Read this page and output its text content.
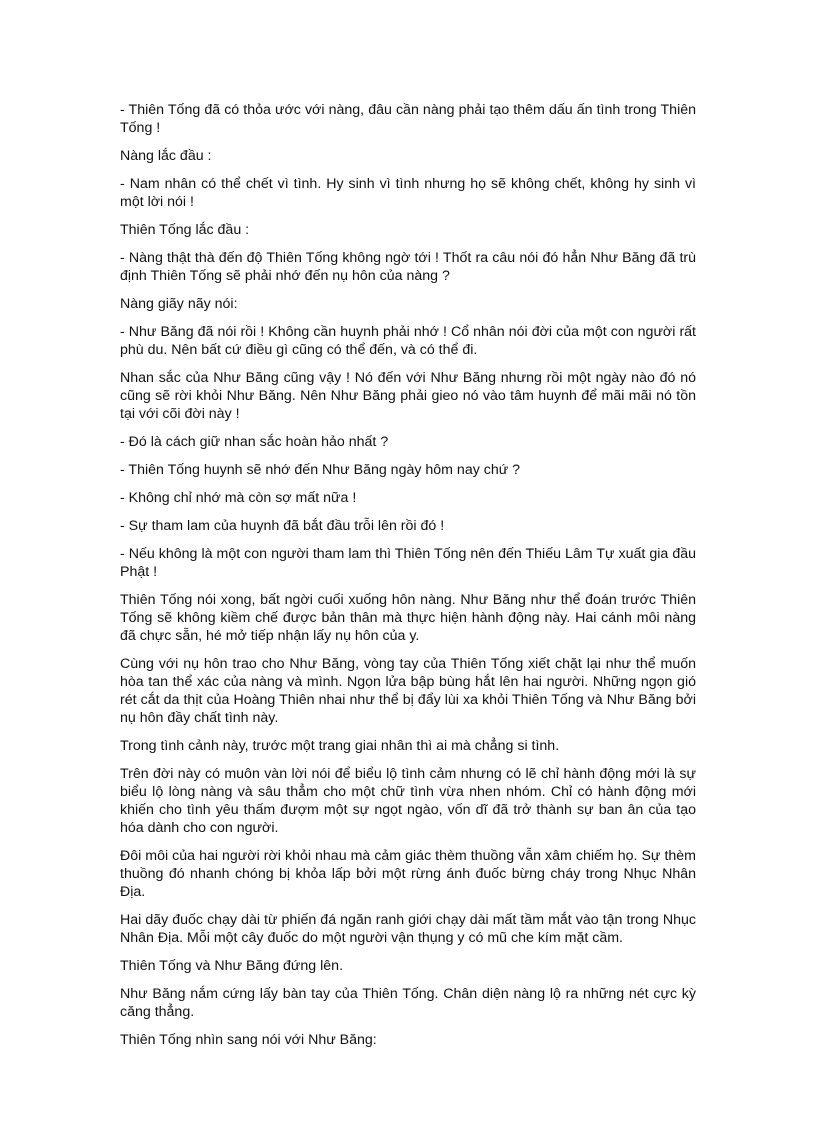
- Thiên Tống đã có thỏa ước với nàng, đâu cần nàng phải tạo thêm dấu ấn tình trong Thiên Tống !

Nàng lắc đầu :

- Nam nhân có thể chết vì tình. Hy sinh vì tình nhưng họ sẽ không chết, không hy sinh vì một lời nói !

Thiên Tống lắc đầu :

- Nàng thật thà đến độ Thiên Tống không ngờ tới ! Thốt ra câu nói đó hẳn Như Băng đã trù định Thiên Tống sẽ phải nhớ đến nụ hôn của nàng ?

Nàng giãy nãy nói:

- Như Băng đã nói rồi ! Không cần huynh phải nhớ ! Cổ nhân nói đời của một con người rất phù du. Nên bất cứ điều gì cũng có thể đến, và có thể đi.

Nhan sắc của Như Băng cũng vậy ! Nó đến với Như Băng nhưng rồi một ngày nào đó nó cũng sẽ rời khỏi Như Băng. Nên Như Băng phải gieo nó vào tâm huynh để mãi mãi nó tồn tại với cõi đời này !

- Đó là cách giữ nhan sắc hoàn hảo nhất ?

- Thiên Tống huynh sẽ nhớ đến Như Băng ngày hôm nay chứ ?

- Không chỉ nhớ mà còn sợ mất nữa !

- Sự tham lam của huynh đã bắt đầu trỗi lên rồi đó !

- Nếu không là một con người tham lam thì Thiên Tống nên đến Thiếu Lâm Tự xuất gia đầu Phật !

Thiên Tống nói xong, bất ngời cuối xuống hôn nàng. Như Băng như thể đoán trước Thiên Tống sẽ không kiềm chế được bản thân mà thực hiện hành động này. Hai cánh môi nàng đã chực sẵn, hé mở tiếp nhận lấy nụ hôn của y.

Cùng với nụ hôn trao cho Như Băng, vòng tay của Thiên Tống xiết chặt lại như thể muốn hòa tan thể xác của nàng và mình. Ngọn lửa bập bùng hắt lên hai người. Những ngọn gió rét cắt da thịt của Hoàng Thiên nhai như thể bị đẩy lùi xa khỏi Thiên Tống và Như Băng bởi nụ hôn đầy chất tình này.

Trong tình cảnh này, trước một trang giai nhân thì ai mà chẳng si tình.

Trên đời này có muôn vàn lời nói để biểu lộ tình cảm nhưng có lẽ chỉ hành động mới là sự biểu lộ lòng nàng và sâu thẳm cho một chữ tình vừa nhen nhóm. Chỉ có hành động mới khiến cho tình yêu thấm đượm một sự ngọt ngào, vốn dĩ đã trở thành sự ban ân của tạo hóa dành cho con người.

Đôi môi của hai người rời khỏi nhau mà cảm giác thèm thuồng vẫn xâm chiếm họ. Sự thèm thuồng đó nhanh chóng bị khỏa lấp bởi một rừng ánh đuốc bừng cháy trong Nhục Nhân Địa.

Hai dãy đuốc chạy dài từ phiến đá ngăn ranh giới chạy dài mất tầm mắt vào tận trong Nhục Nhân Địa. Mỗi một cây đuốc do một người vận thụng y có mũ che kím mặt cầm.

Thiên Tống và Như Băng đứng lên.

Như Băng nắm cứng lấy bàn tay của Thiên Tống. Chân diện nàng lộ ra những nét cực kỳ căng thẳng.

Thiên Tống nhìn sang nói với Như Băng:
